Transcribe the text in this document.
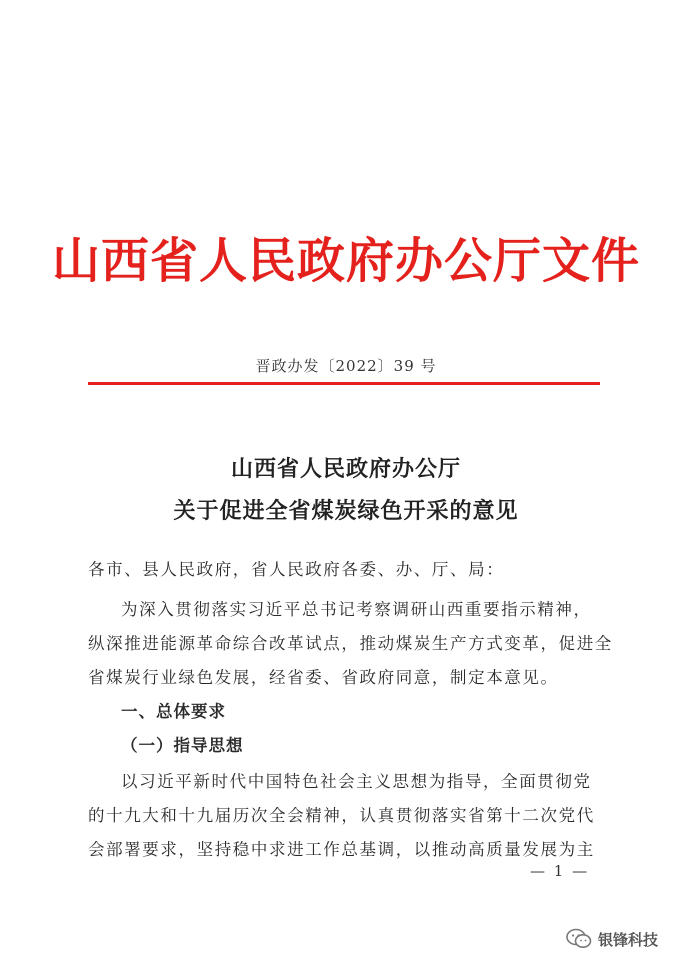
山西省人民政府办公厅文件
晋政办发〔2022〕39 号
山西省人民政府办公厅
关于促进全省煤炭绿色开采的意见
各市、县人民政府，省人民政府各委、办、厅、局：
为深入贯彻落实习近平总书记考察调研山西重要指示精神，
纵深推进能源革命综合改革试点，推动煤炭生产方式变革，促进全
省煤炭行业绿色发展，经省委、省政府同意，制定本意见。
一、总体要求
（一）指导思想
以习近平新时代中国特色社会主义思想为指导，全面贯彻党
的十九大和十九届历次全会精神，认真贯彻落实省第十二次党代
会部署要求，坚持稳中求进工作总基调，以推动高质量发展为主
— 1 —
银锋科技
